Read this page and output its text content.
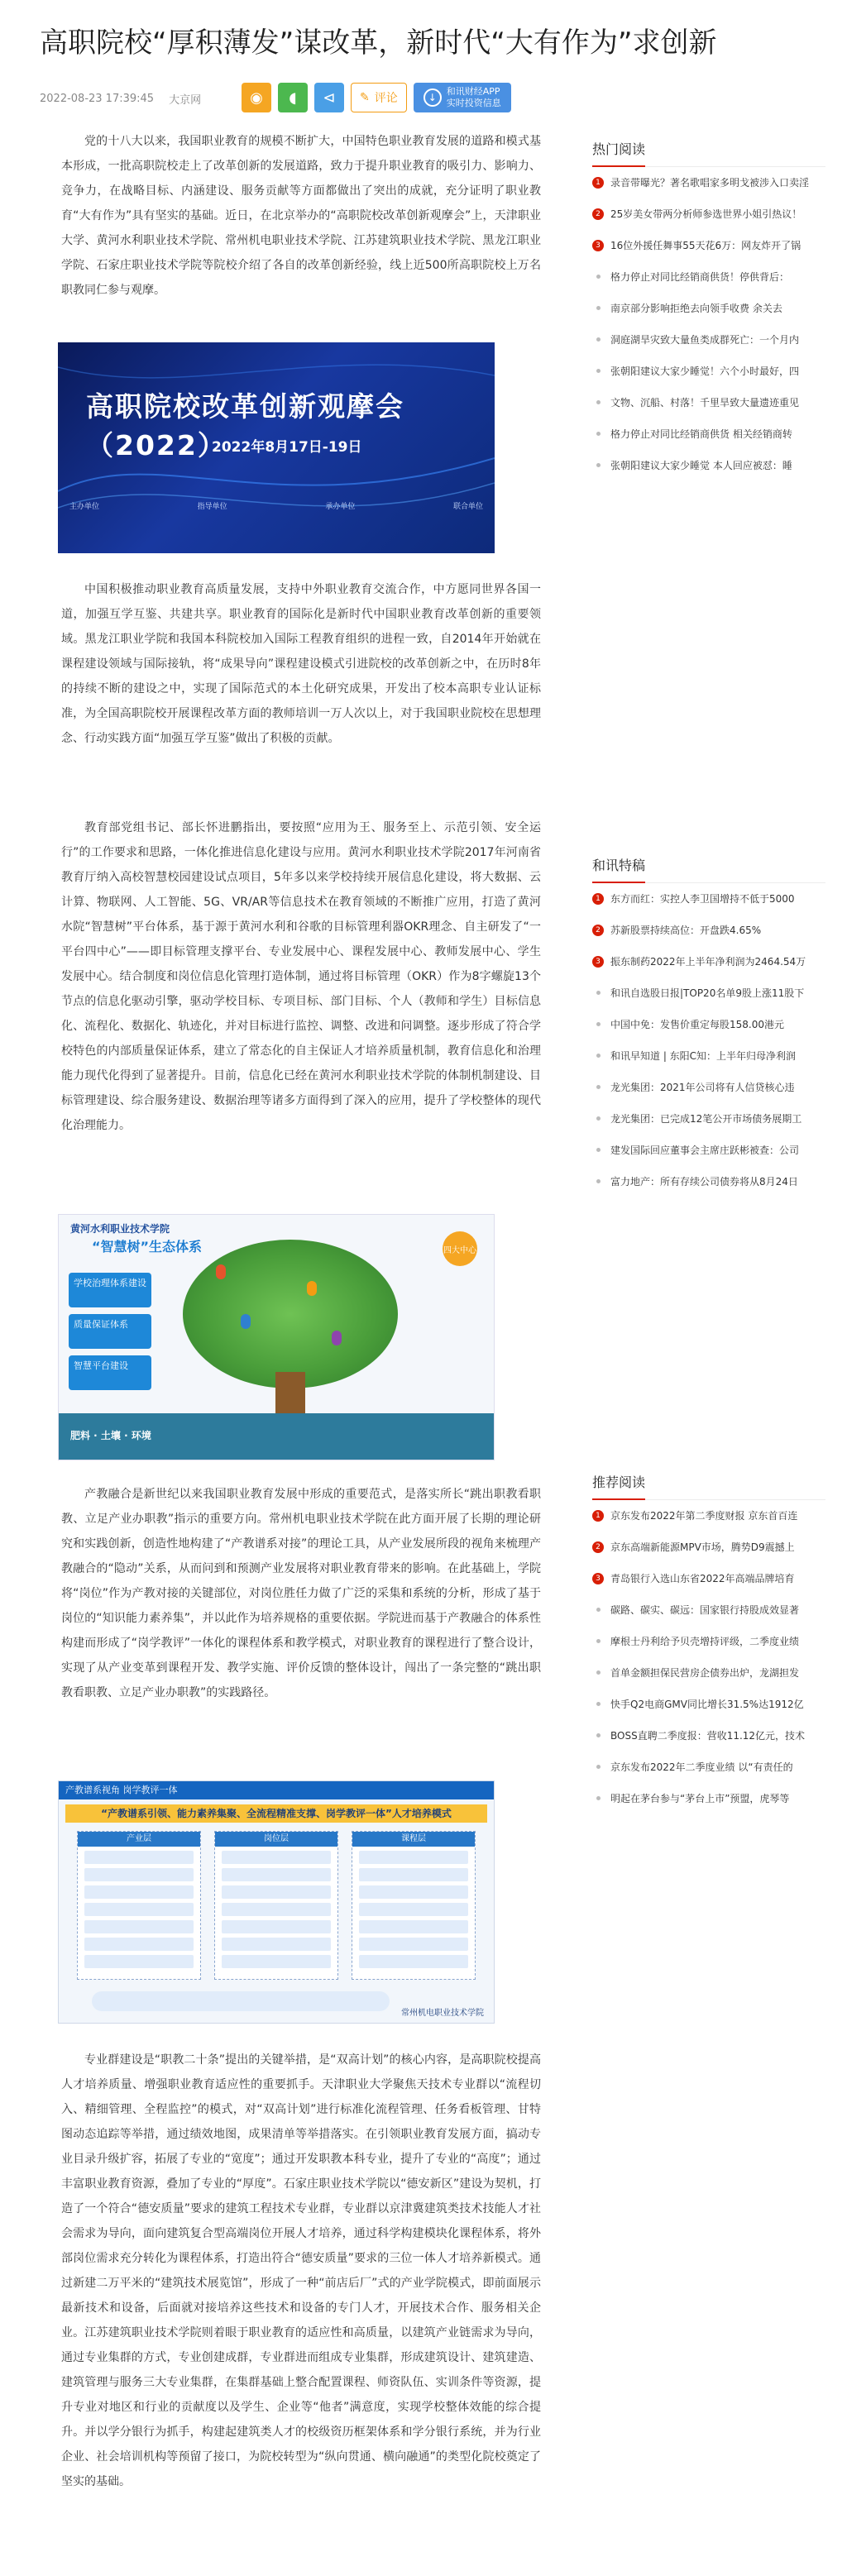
高职院校“厚积薄发”谋改革，新时代“大有作为”求创新
2022-08-23 17:39:45 大京网	◉	◖	⊲	✎ 评论	↓
和讯财经APP
实时投资信息

党的十八大以来，我国职业教育的规模不断扩大，中国特色职业教育发展的道路和模式基本形成，一批高职院校走上了改革创新的发展道路，致力于提升职业教育的吸引力、影响力、竞争力，在战略目标、内涵建设、服务贡献等方面都做出了突出的成就，充分证明了职业教育“大有作为”具有坚实的基础。近日，在北京举办的“高职院校改革创新观摩会”上，天津职业大学、黄河水利职业技术学院、常州机电职业技术学院、江苏建筑职业技术学院、黑龙江职业学院、石家庄职业技术学院等院校介绍了各自的改革创新经验，线上近500所高职院校上万名职教同仁参与观摩。

高职院校改革创新观摩会（2022）
2022年8月17日-19日
主办单位	指导单位	承办单位	联合单位

中国积极推动职业教育高质量发展，支持中外职业教育交流合作，中方愿同世界各国一道，加强互学互鉴、共建共享。职业教育的国际化是新时代中国职业教育改革创新的重要领域。黑龙江职业学院和我国本科院校加入国际工程教育组织的进程一致，自2014年开始就在课程建设领域与国际接轨，将“成果导向”课程建设模式引进院校的改革创新之中，在历时8年的持续不断的建设之中，实现了国际范式的本土化研究成果，开发出了校本高职专业认证标准，为全国高职院校开展课程改革方面的教师培训一万人次以上，对于我国职业院校在思想理念、行动实践方面“加强互学互鉴”做出了积极的贡献。

教育部党组书记、部长怀进鹏指出，要按照“应用为王、服务至上、示范引领、安全运行”的工作要求和思路，一体化推进信息化建设与应用。黄河水利职业技术学院2017年河南省教育厅纳入高校智慧校园建设试点项目，5年多以来学校持续开展信息化建设，将大数据、云计算、物联网、人工智能、5G、VR/AR等信息技术在教育领域的不断推广应用，打造了黄河水院“智慧树”平台体系，基于源于黄河水利和谷歌的目标管理利器OKR理念、自主研发了“一平台四中心”——即目标管理支撑平台、专业发展中心、课程发展中心、教师发展中心、学生发展中心。结合制度和岗位信息化管理打造体制，通过将目标管理（OKR）作为8字螺旋13个节点的信息化驱动引擎，驱动学校目标、专项目标、部门目标、个人（教师和学生）目标信息化、流程化、数据化、轨迹化，并对目标进行监控、调整、改进和问调整。逐步形成了符合学校特色的内部质量保证体系，建立了常态化的自主保证人才培养质量机制，教育信息化和治理能力现代化得到了显著提升。目前，信息化已经在黄河水利职业技术学院的体制机制建设、目标管理建设、综合服务建设、数据治理等诸多方面得到了深入的应用，提升了学校整体的现代化治理能力。

黄河水利职业技术学院
“智慧树”生态体系	四大中心
学校治理体系建设
质量保证体系
智慧平台建设
肥料 · 土壤 · 环境

产教融合是新世纪以来我国职业教育发展中形成的重要范式，是落实所长“跳出职教看职教、立足产业办职教”指示的重要方向。常州机电职业技术学院在此方面开展了长期的理论研究和实践创新，创造性地构建了“产教谱系对接”的理论工具，从产业发展所段的视角来梳理产教融合的“隐动”关系，从而问到和预测产业发展将对职业教育带来的影响。在此基础上，学院将“岗位”作为产教对接的关键部位，对岗位胜任力做了广泛的采集和系统的分析，形成了基于岗位的“知识能力素养集”，并以此作为培养规格的重要依据。学院进而基于产教融合的体系性构建而形成了“岗学教评”一体化的课程体系和教学模式，对职业教育的课程进行了整合设计，实现了从产业变革到课程开发、教学实施、评价反馈的整体设计，闯出了一条完整的“跳出职教看职教、立足产业办职教”的实践路径。

产教谱系视角 岗学教评一体
“产教谱系引领、能力素养集聚、全流程精准支撑、岗学教评一体”人才培养模式
产业层	岗位层	课程层
常州机电职业技术学院

专业群建设是“职教二十条”提出的关键举措，是“双高计划”的核心内容，是高职院校提高人才培养质量、增强职业教育适应性的重要抓手。天津职业大学聚焦天技术专业群以“流程切入、精细管理、全程监控”的模式，对“双高计划”进行标准化流程管理、任务看板管理、甘特图动态追踪等举措，通过绩效地图，成果清单等举措落实。在引领职业教育发展方面，搞动专业目录升级扩容，拓展了专业的“宽度”；通过开发职教本科专业，提升了专业的“高度”；通过丰富职业教育资源，叠加了专业的“厚度”。石家庄职业技术学院以“德安新区”建设为契机，打造了一个符合“德安质量”要求的建筑工程技术专业群，专业群以京津冀建筑类技术技能人才社会需求为导向，面向建筑复合型高端岗位开展人才培养，通过科学构建模块化课程体系，将外部岗位需求充分转化为课程体系，打造出符合“德安质量”要求的三位一体人才培养新模式。通过新建二万平米的“建筑技术展览馆”，形成了一种“前店后厂”式的产业学院模式，即前面展示最新技术和设备，后面就对接培养这些技术和设备的专门人才，开展技术合作、服务相关企业。江苏建筑职业技术学院则着眼于职业教育的适应性和高质量，以建筑产业链需求为导向，通过专业集群的方式，专业创建成群，专业群进而组成专业集群，形成建筑设计、建筑建造、建筑管理与服务三大专业集群，在集群基础上整合配置课程、师资队伍、实训条件等资源，提升专业对地区和行业的贡献度以及学生、企业等“他者”满意度，实现学校整体效能的综合提升。并以学分银行为抓手，构建起建筑类人才的校级资历框架体系和学分银行系统，并为行业企业、社会培训机构等预留了接口，为院校转型为“纵向贯通、横向融通”的类型化院校奠定了坚实的基础。

热门阅读
1	录音带曝光？著名歌唱家多明戈被涉入口卖淫
2	25岁美女带两分析师参选世界小姐引热议！
3	16位外援任舞事55天花6万：网友炸开了锅
格力停止对同比经销商供货！停供背后：
南京部分影响拒绝去向领手收费 余关去
洞庭湖旱灾致大量鱼类成群死亡：一个月内
张朝阳建议大家少睡觉！六个小时最好，四
文物、沉船、村落！千里旱致大量遗迹重见
格力停止对同比经销商供货 相关经销商转
张朝阳建议大家少睡觉 本人回应被怼：睡
和讯特稿
1	东方而红：实控人李卫国增持不低于5000
2	苏新股票持续高位：开盘跌4.65%
3	振东制药2022年上半年净利润为2464.54万
和讯自选股日报|TOP20名单9股上涨11股下
中国中免：发售价重定每股158.00港元
和讯早知道 | 东阳C知：上半年归母净利润
龙光集团：2021年公司将有人信贷核心违
龙光集团：已完成12笔公开市场债务展期工
建发国际回应董事会主席庄跃彬被查：公司
富力地产：所有存续公司债券将从8月24日
推荐阅读
1	京东发布2022年第二季度财报 京东首百连
2	京东高端新能源MPV市场，腾势D9震撼上
3	青岛银行入选山东省2022年高端品牌培育
碳路、碳实、碳远：国家银行持股成效显著
摩根士丹利给予贝壳增持评级，二季度业绩
首单金额担保民营房企债券出炉，龙湖担发
快手Q2电商GMV同比增长31.5%达1912亿
BOSS直聘二季度报：营收11.12亿元，技术
京东发布2022年二季度业绩 以“有责任的
明起在茅台参与“茅台上市”预盟，虎琴等
